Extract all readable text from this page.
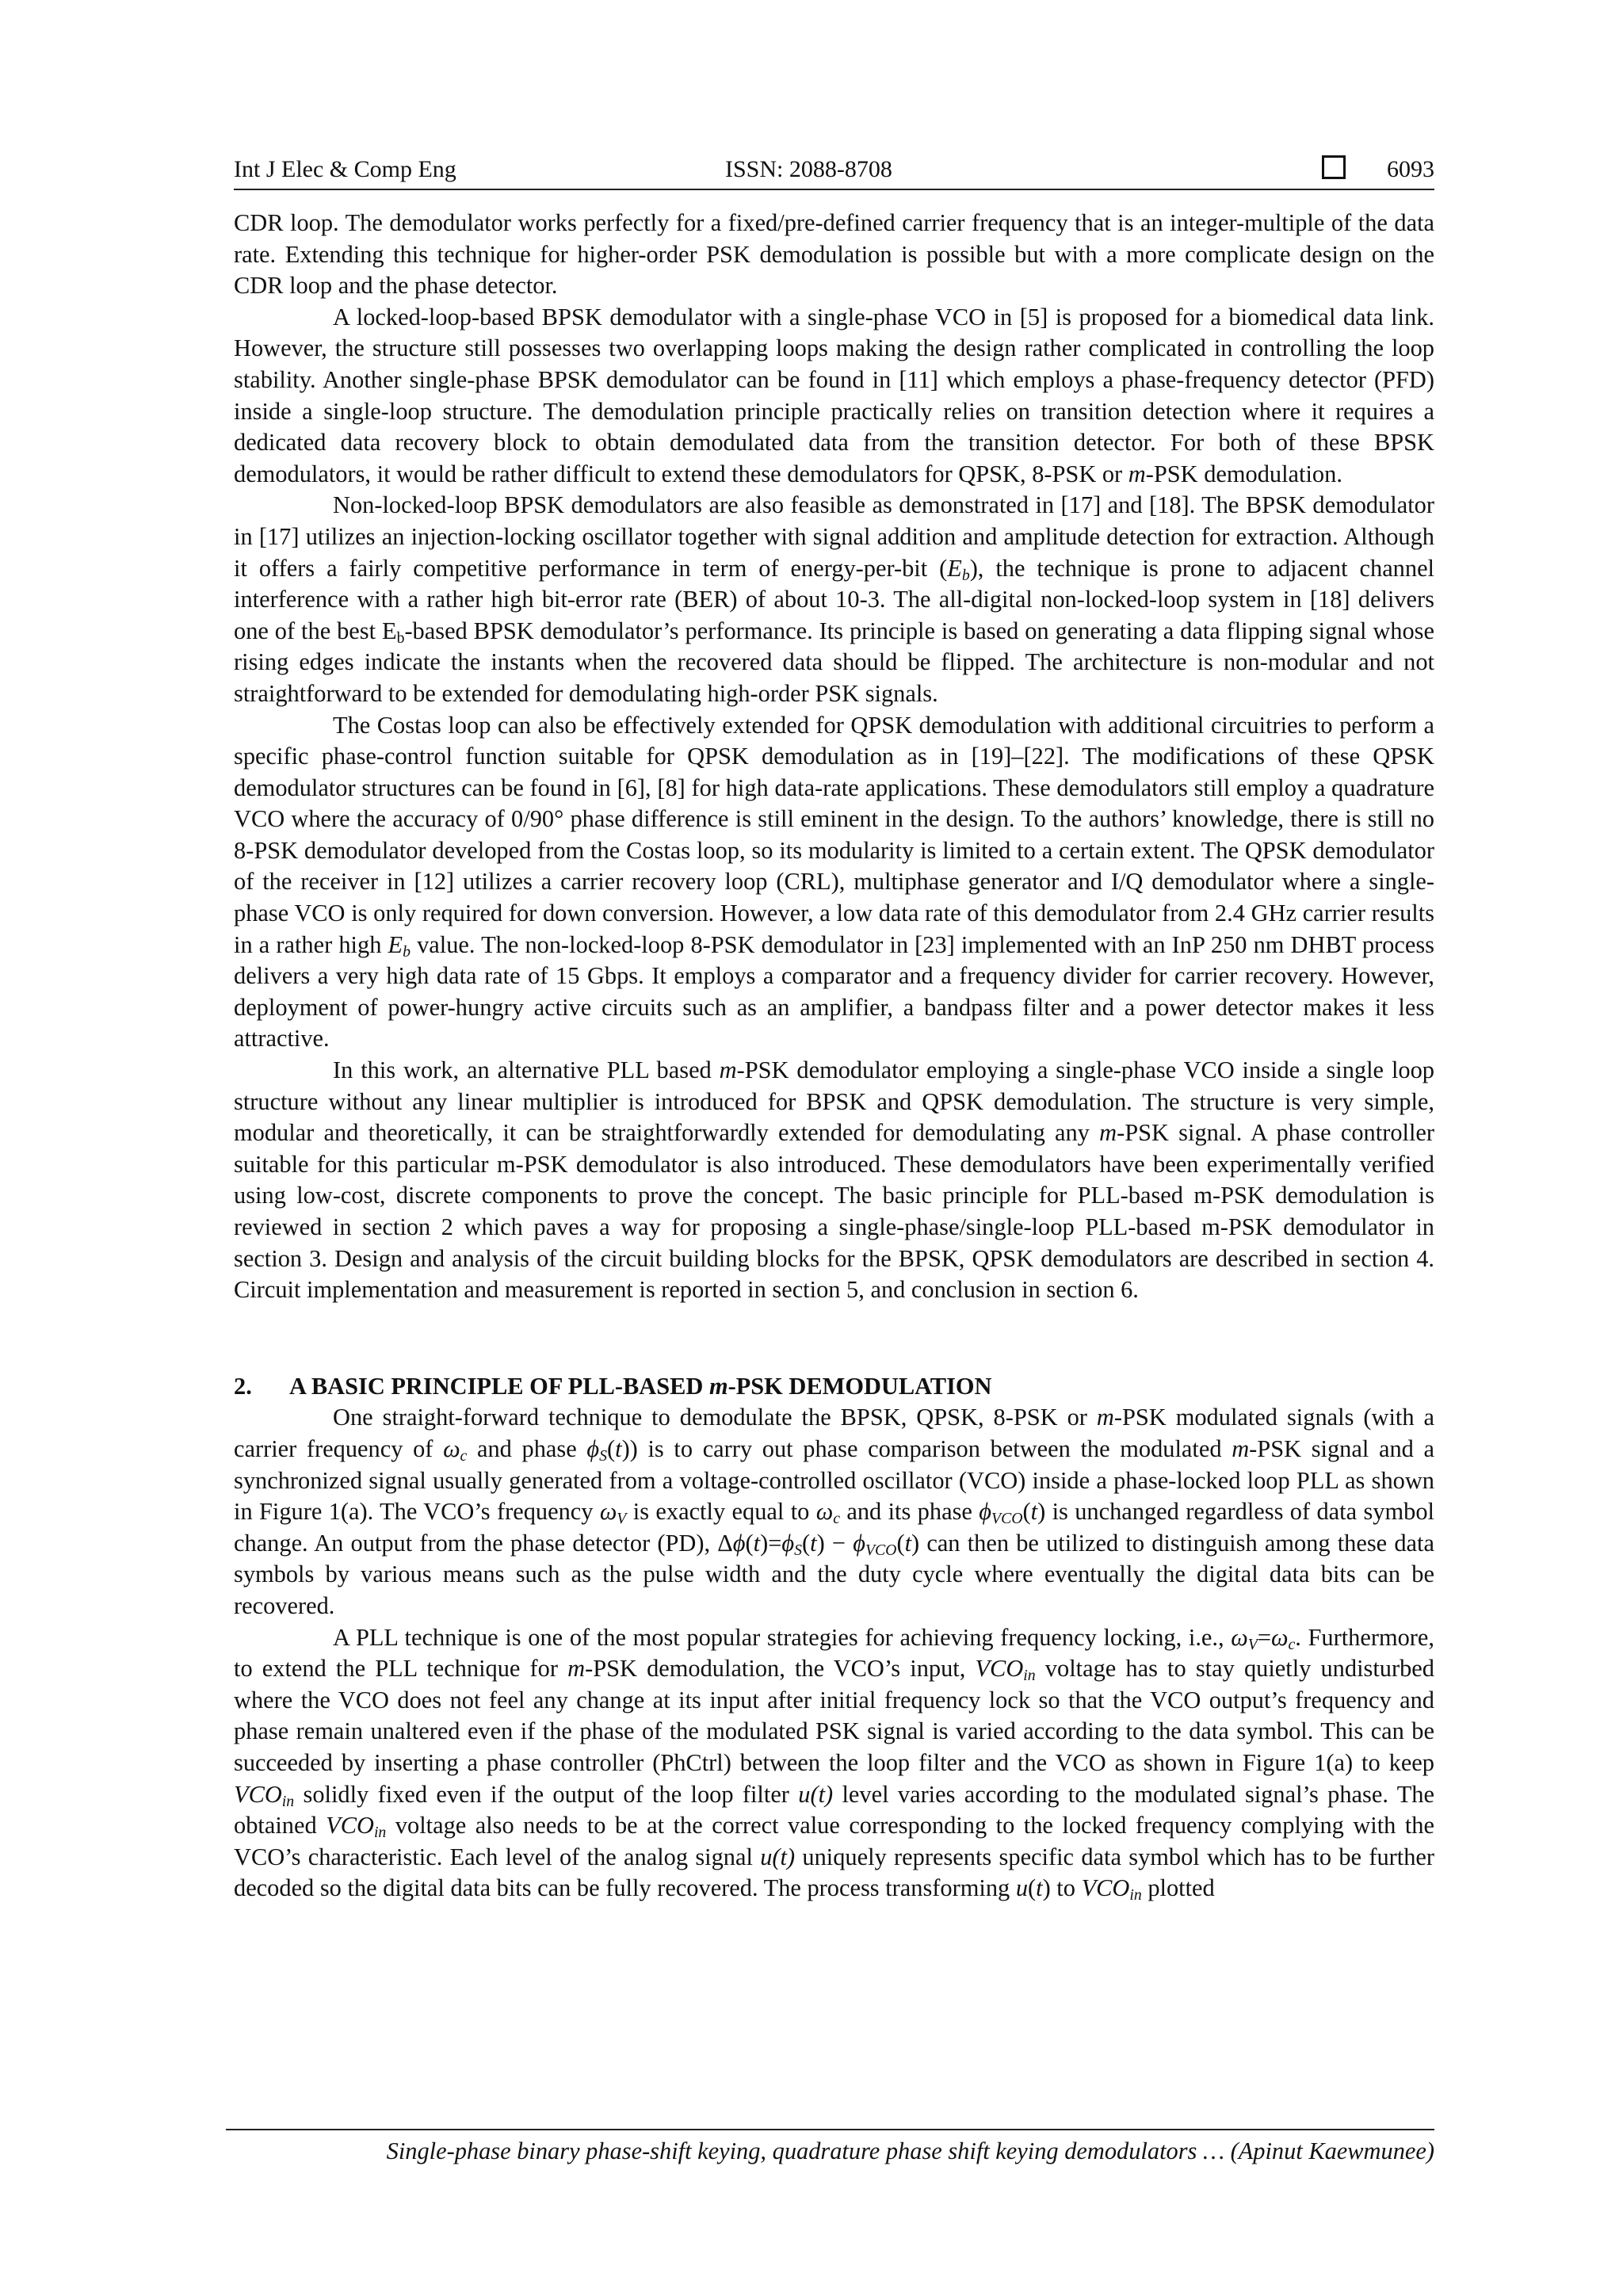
Int J Elec & Comp Eng	ISSN: 2088-8708	6093

CDR loop. The demodulator works perfectly for a fixed/pre-defined carrier frequency that is an integer-multiple of the data rate. Extending this technique for higher-order PSK demodulation is possible but with a more complicate design on the CDR loop and the phase detector.

A locked-loop-based BPSK demodulator with a single-phase VCO in [5] is proposed for a biomedical data link. However, the structure still possesses two overlapping loops making the design rather complicated in controlling the loop stability. Another single-phase BPSK demodulator can be found in [11] which employs a phase-frequency detector (PFD) inside a single-loop structure. The demodulation principle practically relies on transition detection where it requires a dedicated data recovery block to obtain demodulated data from the transition detector. For both of these BPSK demodulators, it would be rather difficult to extend these demodulators for QPSK, 8-PSK or m-PSK demodulation.

Non-locked-loop BPSK demodulators are also feasible as demonstrated in [17] and [18]. The BPSK demodulator in [17] utilizes an injection-locking oscillator together with signal addition and amplitude detection for extraction. Although it offers a fairly competitive performance in term of energy-per-bit $(E_b)$, the technique is prone to adjacent channel interference with a rather high bit-error rate (BER) of about 10-3. The all-digital non-locked-loop system in [18] delivers one of the best $E_b$-based BPSK demodulator’s performance. Its principle is based on generating a data flipping signal whose rising edges indicate the instants when the recovered data should be flipped. The architecture is non-modular and not straightforward to be extended for demodulating high-order PSK signals.

The Costas loop can also be effectively extended for QPSK demodulation with additional circuitries to perform a specific phase-control function suitable for QPSK demodulation as in [19]–[22]. The modifications of these QPSK demodulator structures can be found in [6], [8] for high data-rate applications. These demodulators still employ a quadrature VCO where the accuracy of 0/90° phase difference is still eminent in the design. To the authors’ knowledge, there is still no 8-PSK demodulator developed from the Costas loop, so its modularity is limited to a certain extent. The QPSK demodulator of the receiver in [12] utilizes a carrier recovery loop (CRL), multiphase generator and I/Q demodulator where a single-phase VCO is only required for down conversion. However, a low data rate of this demodulator from 2.4 GHz carrier results in a rather high $E_b$ value. The non-locked-loop 8-PSK demodulator in [23] implemented with an InP 250 nm DHBT process delivers a very high data rate of 15 Gbps. It employs a comparator and a frequency divider for carrier recovery. However, deployment of power-hungry active circuits such as an amplifier, a bandpass filter and a power detector makes it less attractive.

In this work, an alternative PLL based m-PSK demodulator employing a single-phase VCO inside a single loop structure without any linear multiplier is introduced for BPSK and QPSK demodulation. The structure is very simple, modular and theoretically, it can be straightforwardly extended for demodulating any m-PSK signal. A phase controller suitable for this particular m-PSK demodulator is also introduced. These demodulators have been experimentally verified using low-cost, discrete components to prove the concept. The basic principle for PLL-based m-PSK demodulation is reviewed in section 2 which paves a way for proposing a single-phase/single-loop PLL-based m-PSK demodulator in section 3. Design and analysis of the circuit building blocks for the BPSK, QPSK demodulators are described in section 4. Circuit implementation and measurement is reported in section 5, and conclusion in section 6.

2. A BASIC PRINCIPLE OF PLL-BASED m-PSK DEMODULATION

One straight-forward technique to demodulate the BPSK, QPSK, 8-PSK or m-PSK modulated signals (with a carrier frequency of $\omega_c$ and phase $\phi_S(t)$) is to carry out phase comparison between the modulated m-PSK signal and a synchronized signal usually generated from a voltage-controlled oscillator (VCO) inside a phase-locked loop PLL as shown in Figure 1(a). The VCO’s frequency $\omega_V$ is exactly equal to $\omega_c$ and its phase $\phi_{VCO}(t)$ is unchanged regardless of data symbol change. An output from the phase detector (PD), $\Delta\phi(t)=\phi_S(t) - \phi_{VCO}(t)$ can then be utilized to distinguish among these data symbols by various means such as the pulse width and the duty cycle where eventually the digital data bits can be recovered.

A PLL technique is one of the most popular strategies for achieving frequency locking, i.e., $\omega_V=\omega_c$. Furthermore, to extend the PLL technique for m-PSK demodulation, the VCO’s input, $VCO_{in}$ voltage has to stay quietly undisturbed where the VCO does not feel any change at its input after initial frequency lock so that the VCO output’s frequency and phase remain unaltered even if the phase of the modulated PSK signal is varied according to the data symbol. This can be succeeded by inserting a phase controller (PhCtrl) between the loop filter and the VCO as shown in Figure 1(a) to keep $VCO_{in}$ solidly fixed even if the output of the loop filter u(t) level varies according to the modulated signal’s phase. The obtained $VCO_{in}$ voltage also needs to be at the correct value corresponding to the locked frequency complying with the VCO’s characteristic. Each level of the analog signal u(t) uniquely represents specific data symbol which has to be further decoded so the digital data bits can be fully recovered. The process transforming u(t) to $VCO_{in}$ plotted

Single-phase binary phase-shift keying, quadrature phase shift keying demodulators … (Apinut Kaewmunee)
